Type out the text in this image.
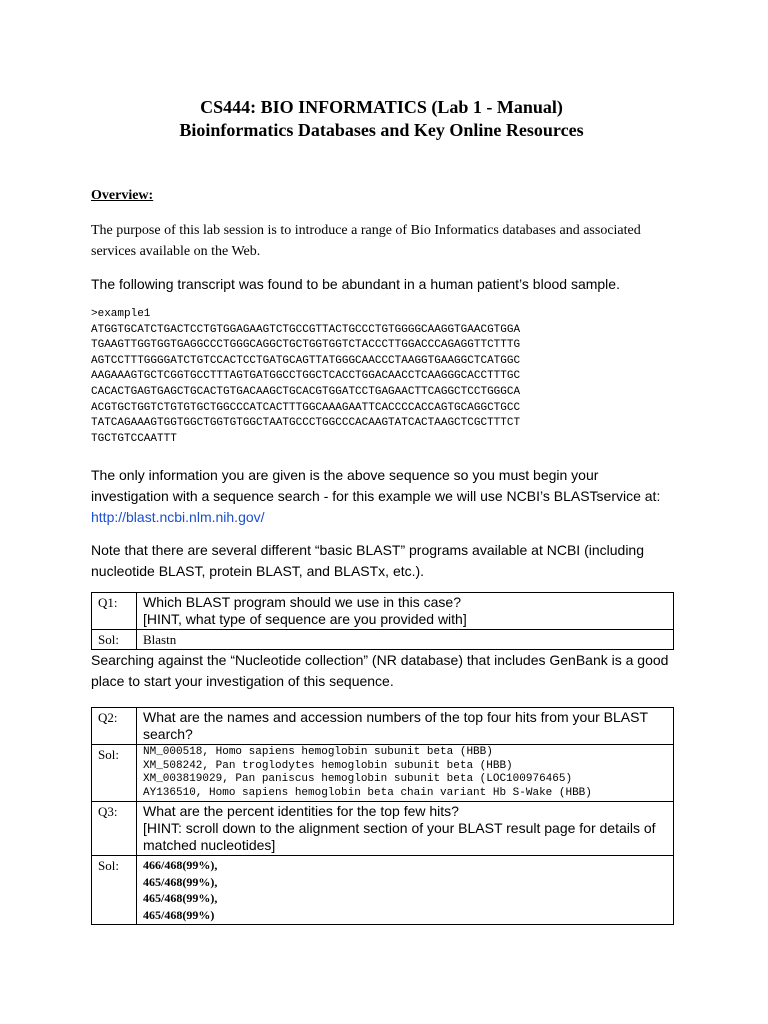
CS444: BIO INFORMATICS (Lab 1 - Manual)
Bioinformatics Databases and Key Online Resources
Overview:

The purpose of this lab session is to introduce a range of Bio Informatics databases and associated services available on the Web.

The following transcript was found to be abundant in a human patient’s blood sample.

>example1
ATGGTGCATCTGACTCCTGTGGAGAAGTCTGCCGTTACTGCCCTGTGGGGCAAGGTGAACGTGGA
TGAAGTTGGTGGTGAGGCCCTGGGCAGGCTGCTGGTGGTCTACCCTTGGACCCAGAGGTTCTTTG
AGTCCTTTGGGGATCTGTCCACTCCTGATGCAGTTATGGGCAACCCTAAGGTGAAGGCTCATGGC
AAGAAAGTGCTCGGTGCCTTTAGTGATGGCCTGGCTCACCTGGACAACCTCAAGGGCACCTTTGC
CACACTGAGTGAGCTGCACTGTGACAAGCTGCACGTGGATCCTGAGAACTTCAGGCTCCTGGGCA
ACGTGCTGGTCTGTGTGCTGGCCCATCACTTTGGCAAAGAATTCACCCCACCAGTGCAGGCTGCC
TATCAGAAAGTGGTGGCTGGTGTGGCTAATGCCCTGGCCCACAAGTATCACTAAGCTCGCTTTCT
TGCTGTCCAATTT

The only information you are given is the above sequence so you must begin your investigation with a sequence search - for this example we will use NCBI’s BLASTservice at: http://blast.ncbi.nlm.nih.gov/

Note that there are several different “basic BLAST” programs available at NCBI (including nucleotide BLAST, protein BLAST, and BLASTx, etc.).

Q1:	Which BLAST program should we use in this case?
[HINT, what type of sequence are you provided with]

Sol:	Blastn

Searching against the “Nucleotide collection” (NR database) that includes GenBank is a good place to start your investigation of this sequence.

Q2:	What are the names and accession numbers of the top four hits from your BLAST search?
Sol:	NM_000518, Homo sapiens hemoglobin subunit beta (HBB)
XM_508242, Pan troglodytes hemoglobin subunit beta (HBB)
XM_003819029, Pan paniscus hemoglobin subunit beta (LOC100976465)
AY136510, Homo sapiens hemoglobin beta chain variant Hb S-Wake (HBB)

Q3:	What are the percent identities for the top few hits?
[HINT: scroll down to the alignment section of your BLAST result page for details of matched nucleotides]

Sol:	466/468(99%),
465/468(99%),
465/468(99%),
465/468(99%)
